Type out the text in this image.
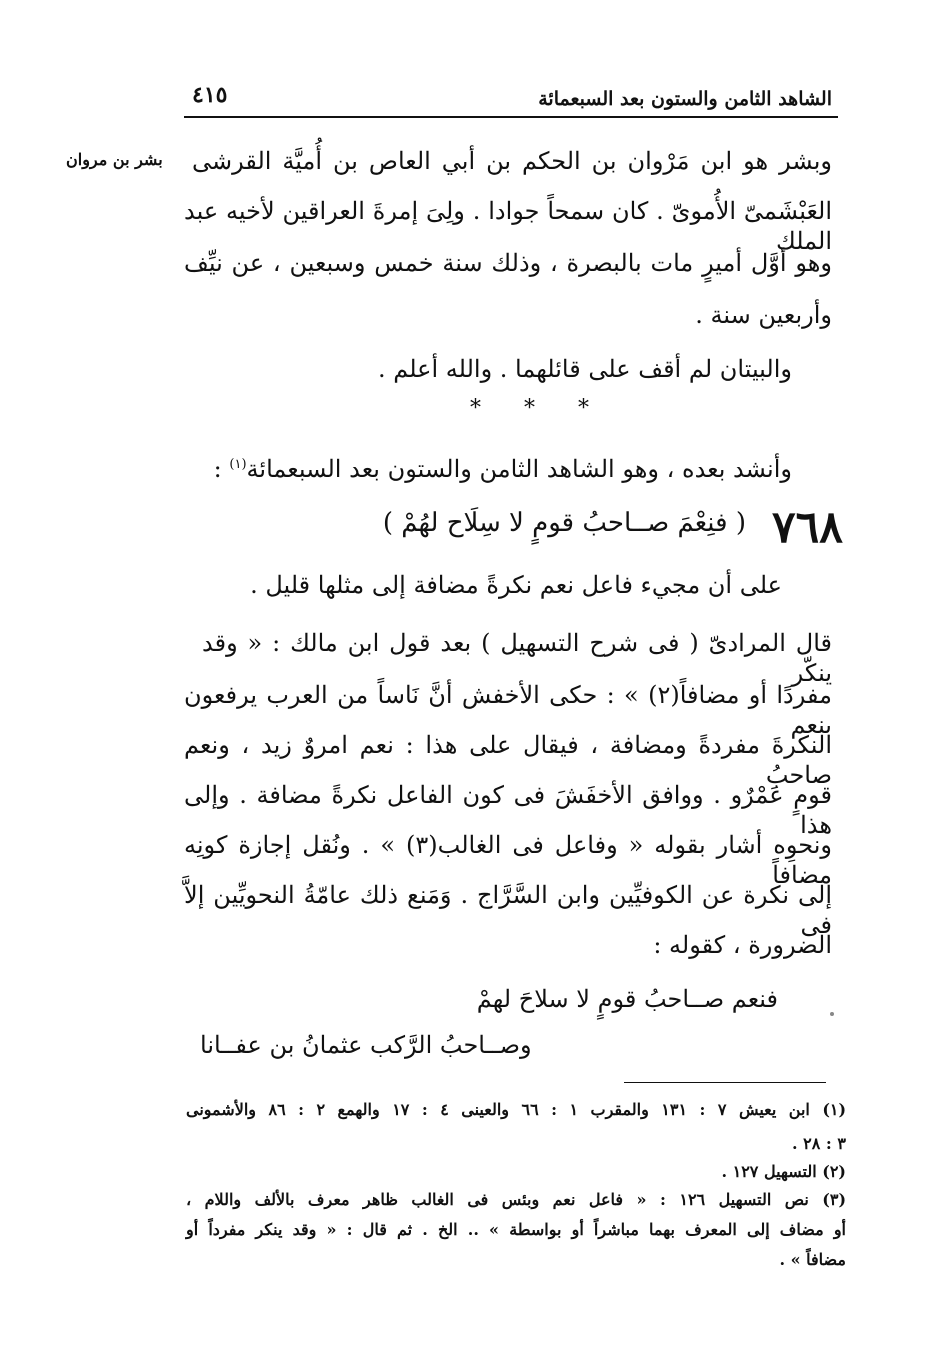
الشاهد الثامن والستون بعد السبعمائة
٤١٥
بشر بن مروان وبشر هو ابن مَرْوان بن الحكم بن أبي العاص بن أُميَّة القرشى
العَبْشَمىّ الأُموىّ . كان سمحاً جوادا . ولِىَ إمرةَ العراقين لأخيه عبد الملك
وهو أوَّل أميرٍ مات بالبصرة ، وذلك سنة خمس وسبعين ، عن نيِّف
وأربعين سنة .
والبيتان لم أقف على قائلهما . والله أعلم .
* * *
وأنشد بعده ، وهو الشاهد الثامن والستون بعد السبعمائة$^{(١)}$ :
٧٦٨
( فنِعْمَ صــاحبُ قومٍ لا سِلَاح لهُمْ )
على أن مجيء فاعل نعم نكرةً مضافة إلى مثلها قليل .
قال المرادىّ ( فى شرح التسهيل ) بعد قول ابن مالك : « وقد ينكّر
مفردًا أو مضافاً(٢) » : حكى الأخفش أنَّ نَاساً من العرب يرفعون بنعم
النكرةَ مفردةً ومضافة ، فيقال على هذا : نعم امروٌ زيد ، ونعم صاحبُ
قومٍ عَمْرٌو . ووافق الأخفَشَ فى كون الفاعل نكرةً مضافة . وإلى هذا
ونحوِه أشار بقوله « وفاعل فى الغالب(٣) » . ونُقل إجازة كونِه مضافاً
إلى نكرة عن الكوفيِّين وابن السَّرَّاج . وَمَنع ذلك عامّةُ النحويِّين إلاَّ فى
الضرورة ، كقوله :
فنعم صــاحبُ قومٍ لا سلاحَ لهمْ
وصــاحبُ الرَّكب عثمانُ بن عفــانا
(١) ابن يعيش ٧ : ١٣١ والمقرب ١ : ٦٦ والعينى ٤ : ١٧ والهمع ٢ : ٨٦ والأشمونى
٣ : ٢٨ .
(٢) التسهيل ١٢٧ .
(٣) نص التسهيل ١٢٦ : « فاعل نعم وبئس فى الغالب ظاهر معرف بالألف واللام ،
أو مضاف إلى المعرف بهما مباشراً أو بواسطة » .. الخ . ثم قال : « وقد ينكر مفرداً أو
مضافاً » .
